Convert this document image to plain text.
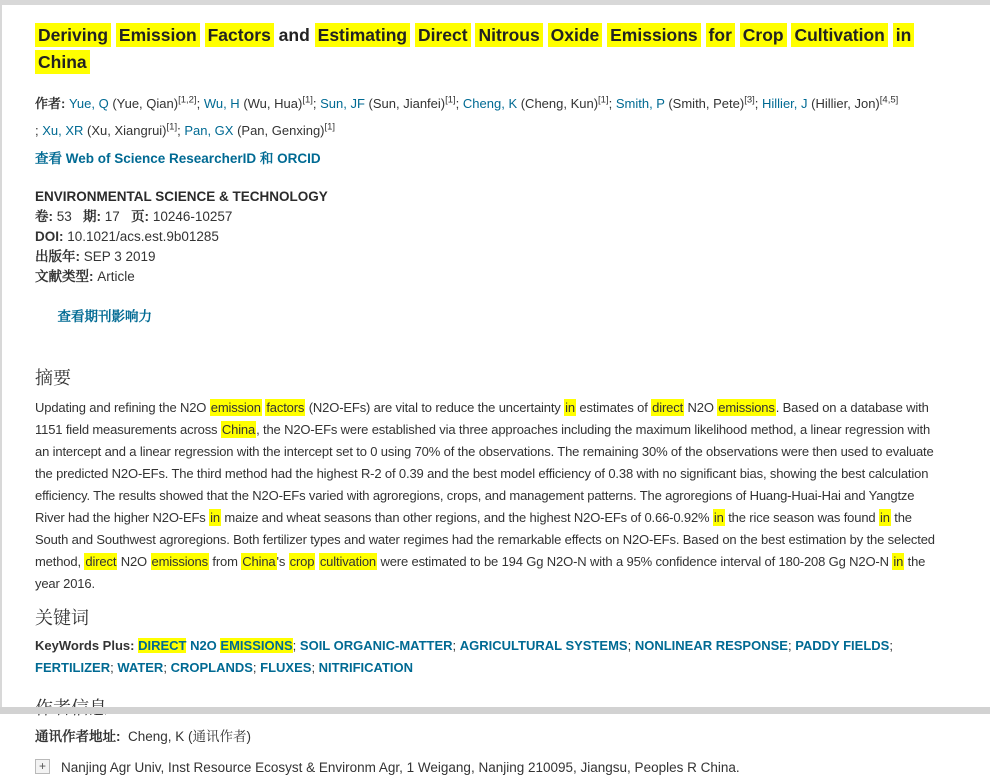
Deriving Emission Factors and Estimating Direct Nitrous Oxide Emissions for Crop Cultivation in China
作者: Yue, Q (Yue, Qian)[1,2]; Wu, H (Wu, Hua)[1]; Sun, JF (Sun, Jianfei)[1]; Cheng, K (Cheng, Kun)[1]; Smith, P (Smith, Pete)[3]; Hillier, J (Hillier, Jon)[4,5]
; Xu, XR (Xu, Xiangrui)[1]; Pan, GX (Pan, Genxing)[1]
查看 Web of Science ResearcherID 和 ORCID
ENVIRONMENTAL SCIENCE & TECHNOLOGY
卷: 53   期: 17   页: 10246-10257
DOI: 10.1021/acs.est.9b01285
出版年: SEP 3 2019
文献类型: Article

查看期刊影响力

摘要
Updating and refining the N2O emission factors (N2O-EFs) are vital to reduce the uncertainty in estimates of direct N2O emissions. Based on a database with 1151 field measurements across China, the N2O-EFs were established via three approaches including the maximum likelihood method, a linear regression with an intercept and a linear regression with the intercept set to 0 using 70% of the observations. The remaining 30% of the observations were then used to evaluate the predicted N2O-EFs. The third method had the highest R-2 of 0.39 and the best model efficiency of 0.38 with no significant bias, showing the best calculation efficiency. The results showed that the N2O-EFs varied with agroregions, crops, and management patterns. The agroregions of Huang-Huai-Hai and Yangtze River had the higher N2O-EFs in maize and wheat seasons than other regions, and the highest N2O-EFs of 0.66-0.92% in the rice season was found in the South and Southwest agroregions. Both fertilizer types and water regimes had the remarkable effects on N2O-EFs. Based on the best estimation by the selected method, direct N2O emissions from China's crop cultivation were estimated to be 194 Gg N2O-N with a 95% confidence interval of 180-208 Gg N2O-N in the year 2016.
关键词
KeyWords Plus: DIRECT N2O EMISSIONS; SOIL ORGANIC-MATTER; AGRICULTURAL SYSTEMS; NONLINEAR RESPONSE; PADDY FIELDS; FERTILIZER; WATER; CROPLANDS; FLUXES; NITRIFICATION
通讯作者地址:  Cheng, K (通讯作者)
+ Nanjing Agr Univ, Inst Resource Ecosyst & Environm Agr, 1 Weigang, Nanjing 210095, Jiangsu, Peoples R China.
